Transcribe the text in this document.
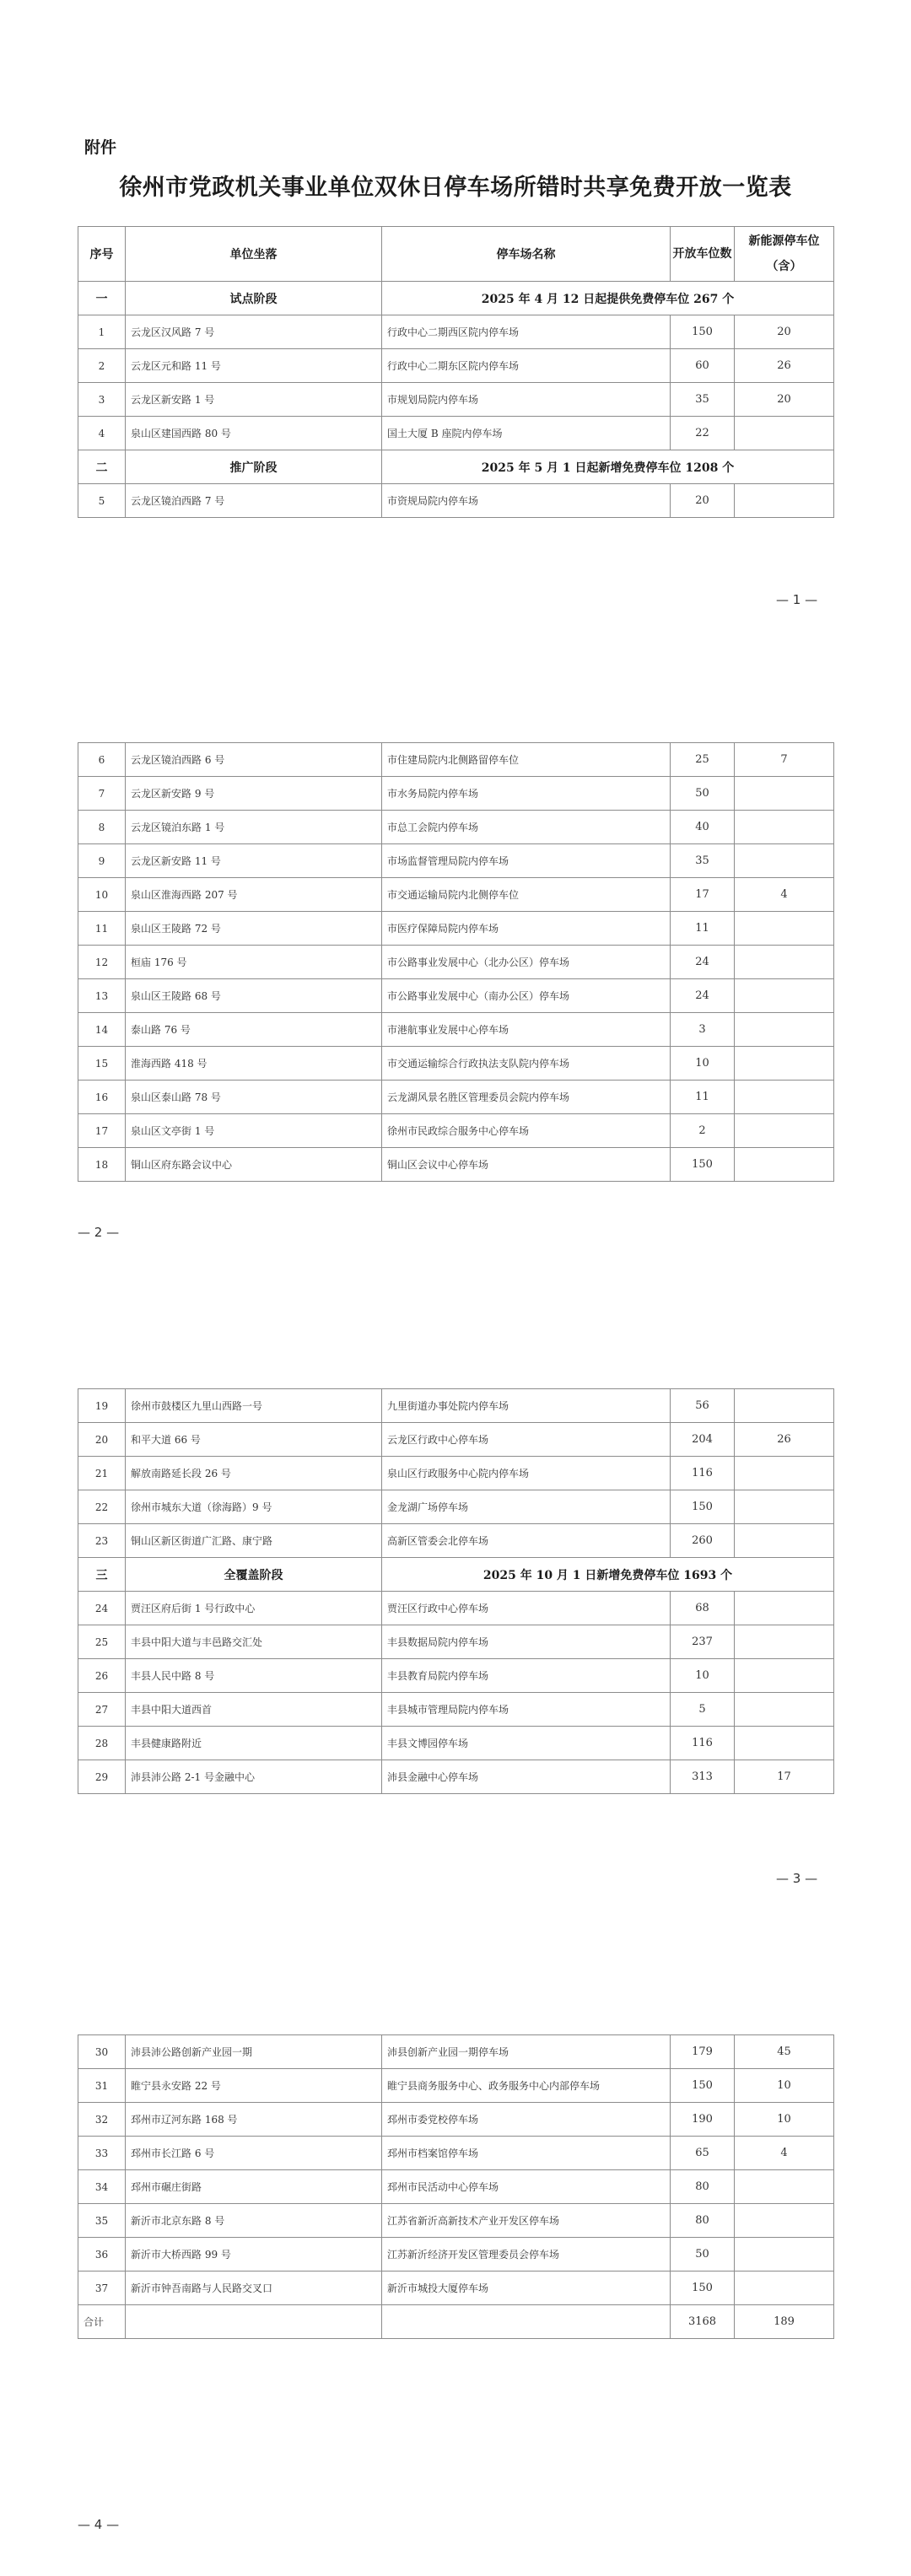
附件
徐州市党政机关事业单位双休日停车场所错时共享免费开放一览表
序号	单位坐落	停车场名称	开放车位数	新能源停车位（含）
一	试点阶段	2025 年 4 月 12 日起提供免费停车位 267 个		
1	云龙区汉风路 7 号	行政中心二期西区院内停车场	150	20
2	云龙区元和路 11 号	行政中心二期东区院内停车场	60	26
3	云龙区新安路 1 号	市规划局院内停车场	35	20
4	泉山区建国西路 80 号	国土大厦 B 座院内停车场	22	
二	推广阶段	2025 年 5 月 1 日起新增免费停车位 1208 个		
5	云龙区镜泊西路 7 号	市资规局院内停车场	20	
— 1 —
6	云龙区镜泊西路 6 号	市住建局院内北侧路留停车位	25	7
7	云龙区新安路 9 号	市水务局院内停车场	50	
8	云龙区镜泊东路 1 号	市总工会院内停车场	40	
9	云龙区新安路 11 号	市场监督管理局院内停车场	35	
10	泉山区淮海西路 207 号	市交通运输局院内北侧停车位	17	4
11	泉山区王陵路 72 号	市医疗保障局院内停车场	11	
12	桓庙 176 号	市公路事业发展中心（北办公区）停车场	24	
13	泉山区王陵路 68 号	市公路事业发展中心（南办公区）停车场	24	
14	泰山路 76 号	市港航事业发展中心停车场	3	
15	淮海西路 418 号	市交通运输综合行政执法支队院内停车场	10	
16	泉山区泰山路 78 号	云龙湖风景名胜区管理委员会院内停车场	11	
17	泉山区文亭街 1 号	徐州市民政综合服务中心停车场	2	
18	铜山区府东路会议中心	铜山区会议中心停车场	150	
— 2 —
19	徐州市鼓楼区九里山西路一号	九里街道办事处院内停车场	56	
20	和平大道 66 号	云龙区行政中心停车场	204	26
21	解放南路延长段 26 号	泉山区行政服务中心院内停车场	116	
22	徐州市城东大道（徐海路）9 号	金龙湖广场停车场	150	
23	铜山区新区街道广汇路、康宁路	高新区管委会北停车场	260	
三	全覆盖阶段	2025 年 10 月 1 日新增免费停车位 1693 个		
24	贾汪区府后街 1 号行政中心	贾汪区行政中心停车场	68	
25	丰县中阳大道与丰邑路交汇处	丰县数据局院内停车场	237	
26	丰县人民中路 8 号	丰县教育局院内停车场	10	
27	丰县中阳大道西首	丰县城市管理局院内停车场	5	
28	丰县健康路附近	丰县文博园停车场	116	
29	沛县沛公路 2-1 号金融中心	沛县金融中心停车场	313	17
— 3 —
30	沛县沛公路创新产业园一期	沛县创新产业园一期停车场	179	45
31	睢宁县永安路 22 号	睢宁县商务服务中心、政务服务中心内部停车场	150	10
32	邳州市辽河东路 168 号	邳州市委党校停车场	190	10
33	邳州市长江路 6 号	邳州市档案馆停车场	65	4
34	邳州市碾庄街路	邳州市民活动中心停车场	80	
35	新沂市北京东路 8 号	江苏省新沂高新技术产业开发区停车场	80	
36	新沂市大桥西路 99 号	江苏新沂经济开发区管理委员会停车场	50	
37	新沂市钟吾南路与人民路交叉口	新沂市城投大厦停车场	150	
合计			3168	189
— 4 —
